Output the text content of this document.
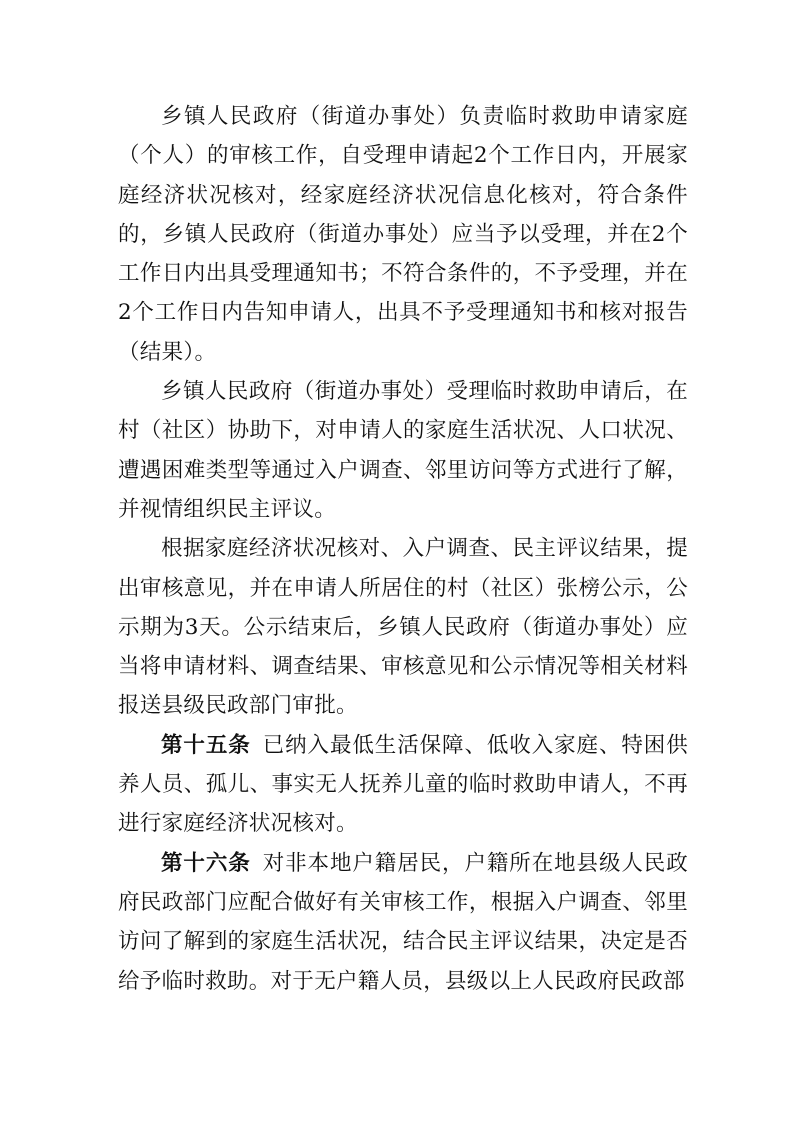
乡镇人民政府（街道办事处）负责临时救助申请家庭（个人）的审核工作，自受理申请起2个工作日内，开展家庭经济状况核对，经家庭经济状况信息化核对，符合条件的，乡镇人民政府（街道办事处）应当予以受理，并在2个工作日内出具受理通知书；不符合条件的，不予受理，并在2个工作日内告知申请人，出具不予受理通知书和核对报告（结果）。

乡镇人民政府（街道办事处）受理临时救助申请后，在村（社区）协助下，对申请人的家庭生活状况、人口状况、遭遇困难类型等通过入户调查、邻里访问等方式进行了解，并视情组织民主评议。

根据家庭经济状况核对、入户调查、民主评议结果，提出审核意见，并在申请人所居住的村（社区）张榜公示，公示期为3天。公示结束后，乡镇人民政府（街道办事处）应当将申请材料、调查结果、审核意见和公示情况等相关材料报送县级民政部门审批。

第十五条 已纳入最低生活保障、低收入家庭、特困供养人员、孤儿、事实无人抚养儿童的临时救助申请人，不再进行家庭经济状况核对。

第十六条 对非本地户籍居民，户籍所在地县级人民政府民政部门应配合做好有关审核工作，根据入户调查、邻里访问了解到的家庭生活状况，结合民主评议结果，决定是否给予临时救助。对于无户籍人员，县级以上人民政府民政部
